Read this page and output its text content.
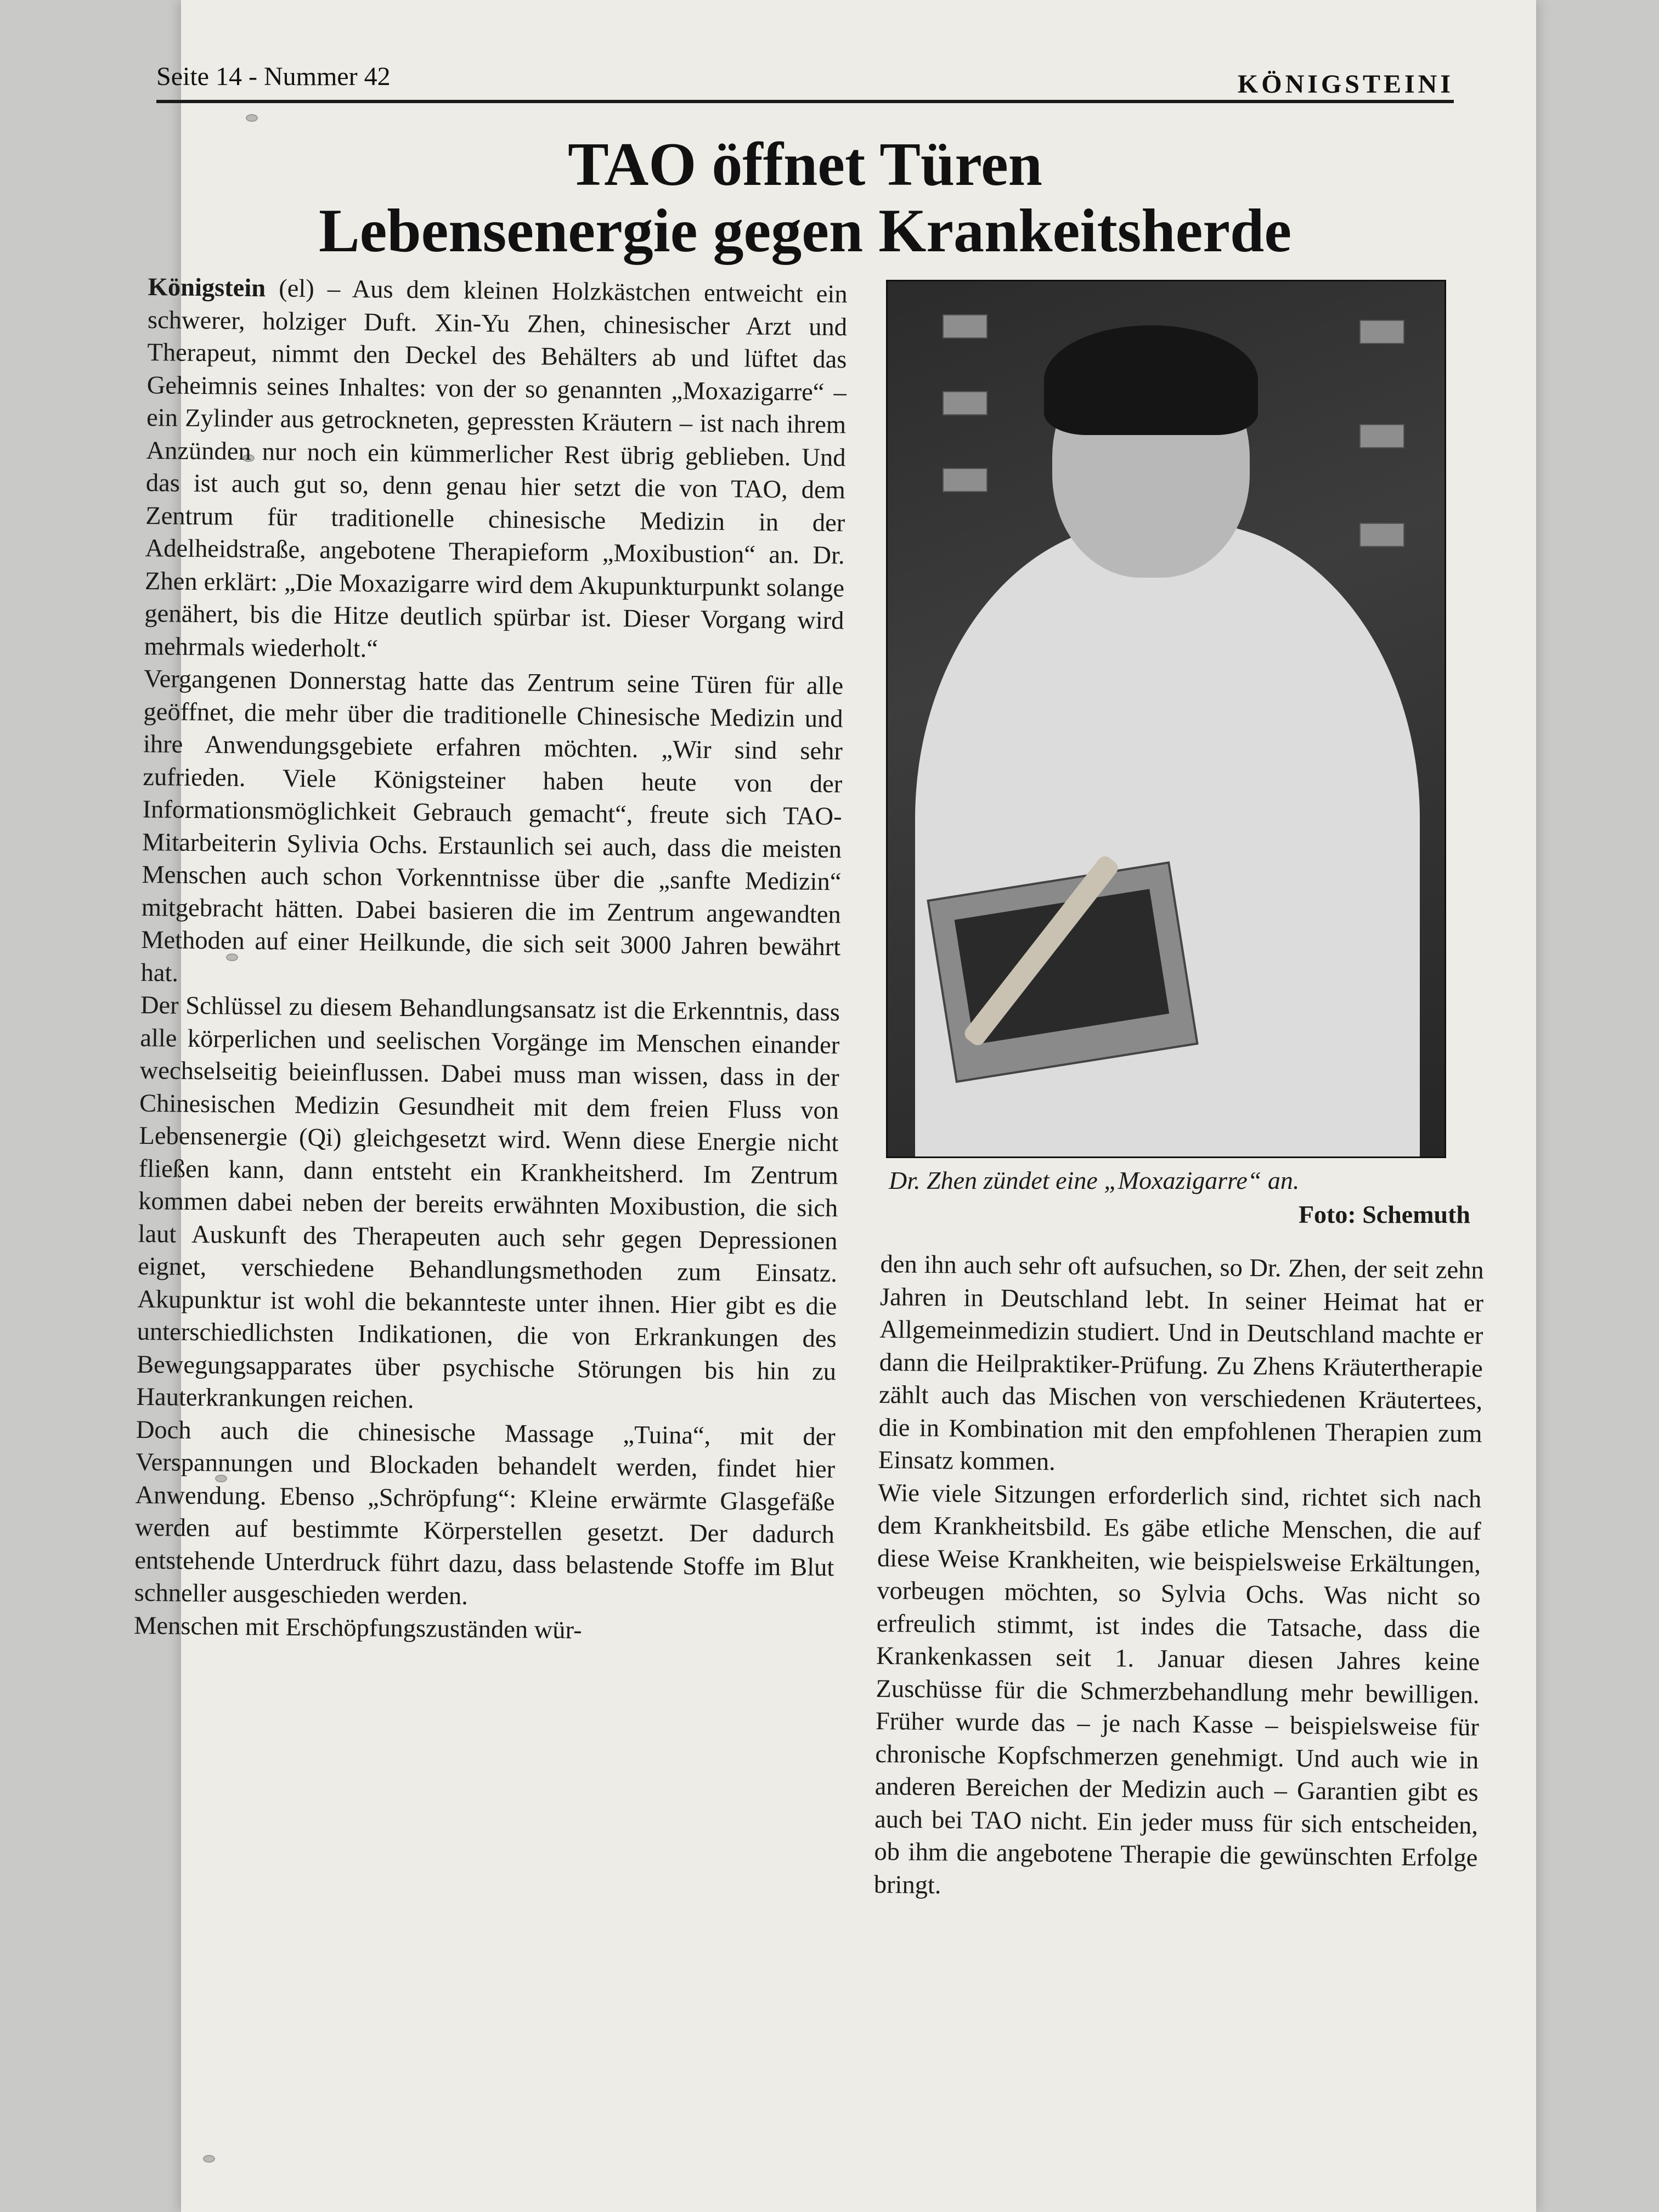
Seite 14 - Nummer 42	KÖNIGSTEINI
TAO öffnet Türen
Lebensenergie gegen Krankeitsherde

Königstein (el) – Aus dem kleinen Holzkästchen entweicht ein schwerer, holziger Duft. Xin-Yu Zhen, chinesischer Arzt und Therapeut, nimmt den Deckel des Behälters ab und lüftet das Geheimnis seines Inhaltes: von der so genannten „Moxazigarre“ – ein Zylinder aus getrockneten, gepressten Kräutern – ist nach ihrem Anzünden nur noch ein kümmerlicher Rest übrig geblieben. Und das ist auch gut so, denn genau hier setzt die von TAO, dem Zentrum für traditionelle chinesische Medizin in der Adelheidstraße, angebotene Therapieform „Moxibustion“ an. Dr. Zhen erklärt: „Die Moxazigarre wird dem Akupunkturpunkt solange genähert, bis die Hitze deutlich spürbar ist. Dieser Vorgang wird mehrmals wiederholt.“

Vergangenen Donnerstag hatte das Zentrum seine Türen für alle geöffnet, die mehr über die traditionelle Chinesische Medizin und ihre Anwendungsgebiete erfahren möchten. „Wir sind sehr zufrieden. Viele Königsteiner haben heute von der Informationsmöglichkeit Gebrauch gemacht“, freute sich TAO-Mitarbeiterin Sylivia Ochs. Erstaunlich sei auch, dass die meisten Menschen auch schon Vorkenntnisse über die „sanfte Medizin“ mitgebracht hätten. Dabei basieren die im Zentrum angewandten Methoden auf einer Heilkunde, die sich seit 3000 Jahren bewährt hat.

Der Schlüssel zu diesem Behandlungsansatz ist die Erkenntnis, dass alle körperlichen und seelischen Vorgänge im Menschen einander wechselseitig beieinflussen. Dabei muss man wissen, dass in der Chinesischen Medizin Gesundheit mit dem freien Fluss von Lebensenergie (Qi) gleichgesetzt wird. Wenn diese Energie nicht fließen kann, dann entsteht ein Krankheitsherd. Im Zentrum kommen dabei neben der bereits erwähnten Moxibustion, die sich laut Auskunft des Therapeuten auch sehr gegen Depressionen eignet, verschiedene Behandlungsmethoden zum Einsatz. Akupunktur ist wohl die bekannteste unter ihnen. Hier gibt es die unterschiedlichsten Indikationen, die von Erkrankungen des Bewegungsapparates über psychische Störungen bis hin zu Hauterkrankungen reichen.

Doch auch die chinesische Massage „Tuina“, mit der Verspannungen und Blockaden behandelt werden, findet hier Anwendung. Ebenso „Schröpfung“: Kleine erwärmte Glasgefäße werden auf bestimmte Körperstellen gesetzt. Der dadurch entstehende Unterdruck führt dazu, dass belastende Stoffe im Blut schneller ausgeschieden werden.

Menschen mit Erschöpfungszuständen wür-

Dr. Zhen zündet eine „Moxazigarre“ an.
Foto: Schemuth

den ihn auch sehr oft aufsuchen, so Dr. Zhen, der seit zehn Jahren in Deutschland lebt. In seiner Heimat hat er Allgemeinmedizin studiert. Und in Deutschland machte er dann die Heilpraktiker-Prüfung. Zu Zhens Kräutertherapie zählt auch das Mischen von verschiedenen Kräutertees, die in Kombination mit den empfohlenen Therapien zum Einsatz kommen.

Wie viele Sitzungen erforderlich sind, richtet sich nach dem Krankheitsbild. Es gäbe etliche Menschen, die auf diese Weise Krankheiten, wie beispielsweise Erkältungen, vorbeugen möchten, so Sylvia Ochs. Was nicht so erfreulich stimmt, ist indes die Tatsache, dass die Krankenkassen seit 1. Januar diesen Jahres keine Zuschüsse für die Schmerzbehandlung mehr bewilligen. Früher wurde das – je nach Kasse – beispielsweise für chronische Kopfschmerzen genehmigt. Und auch wie in anderen Bereichen der Medizin auch – Garantien gibt es auch bei TAO nicht. Ein jeder muss für sich entscheiden, ob ihm die angebotene Therapie die gewünschten Erfolge bringt.
